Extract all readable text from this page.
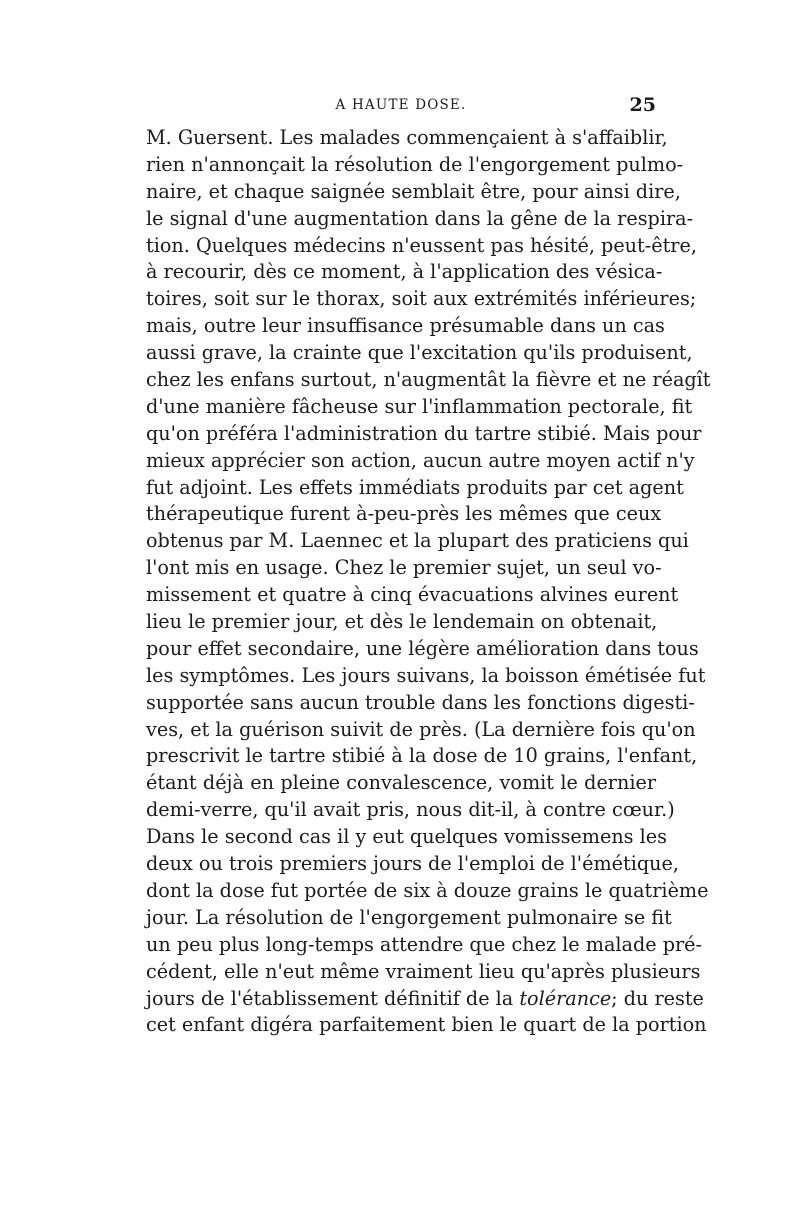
A HAUTE DOSE.	25
M. Guersent. Les malades commençaient à s'affaiblir,
rien n'annonçait la résolution de l'engorgement pulmo-
naire, et chaque saignée semblait être, pour ainsi dire,
le signal d'une augmentation dans la gêne de la respira-
tion. Quelques médecins n'eussent pas hésité, peut-être,
à recourir, dès ce moment, à l'application des vésica-
toires, soit sur le thorax, soit aux extrémités inférieures;
mais, outre leur insuffisance présumable dans un cas
aussi grave, la crainte que l'excitation qu'ils produisent,
chez les enfans surtout, n'augmentât la fièvre et ne réagît
d'une manière fâcheuse sur l'inflammation pectorale, fit
qu'on préféra l'administration du tartre stibié. Mais pour
mieux apprécier son action, aucun autre moyen actif n'y
fut adjoint. Les effets immédiats produits par cet agent
thérapeutique furent à-peu-près les mêmes que ceux
obtenus par M. Laennec et la plupart des praticiens qui
l'ont mis en usage. Chez le premier sujet, un seul vo-
missement et quatre à cinq évacuations alvines eurent
lieu le premier jour, et dès le lendemain on obtenait,
pour effet secondaire, une légère amélioration dans tous
les symptômes. Les jours suivans, la boisson émétisée fut
supportée sans aucun trouble dans les fonctions digesti-
ves, et la guérison suivit de près. (La dernière fois qu'on
prescrivit le tartre stibié à la dose de 10 grains, l'enfant,
étant déjà en pleine convalescence, vomit le dernier
demi-verre, qu'il avait pris, nous dit-il, à contre cœur.)
Dans le second cas il y eut quelques vomissemens les
deux ou trois premiers jours de l'emploi de l'émétique,
dont la dose fut portée de six à douze grains le quatrième
jour. La résolution de l'engorgement pulmonaire se fit
un peu plus long-temps attendre que chez le malade pré-
cédent, elle n'eut même vraiment lieu qu'après plusieurs
jours de l'établissement définitif de la tolérance; du reste
cet enfant digéra parfaitement bien le quart de la portion
